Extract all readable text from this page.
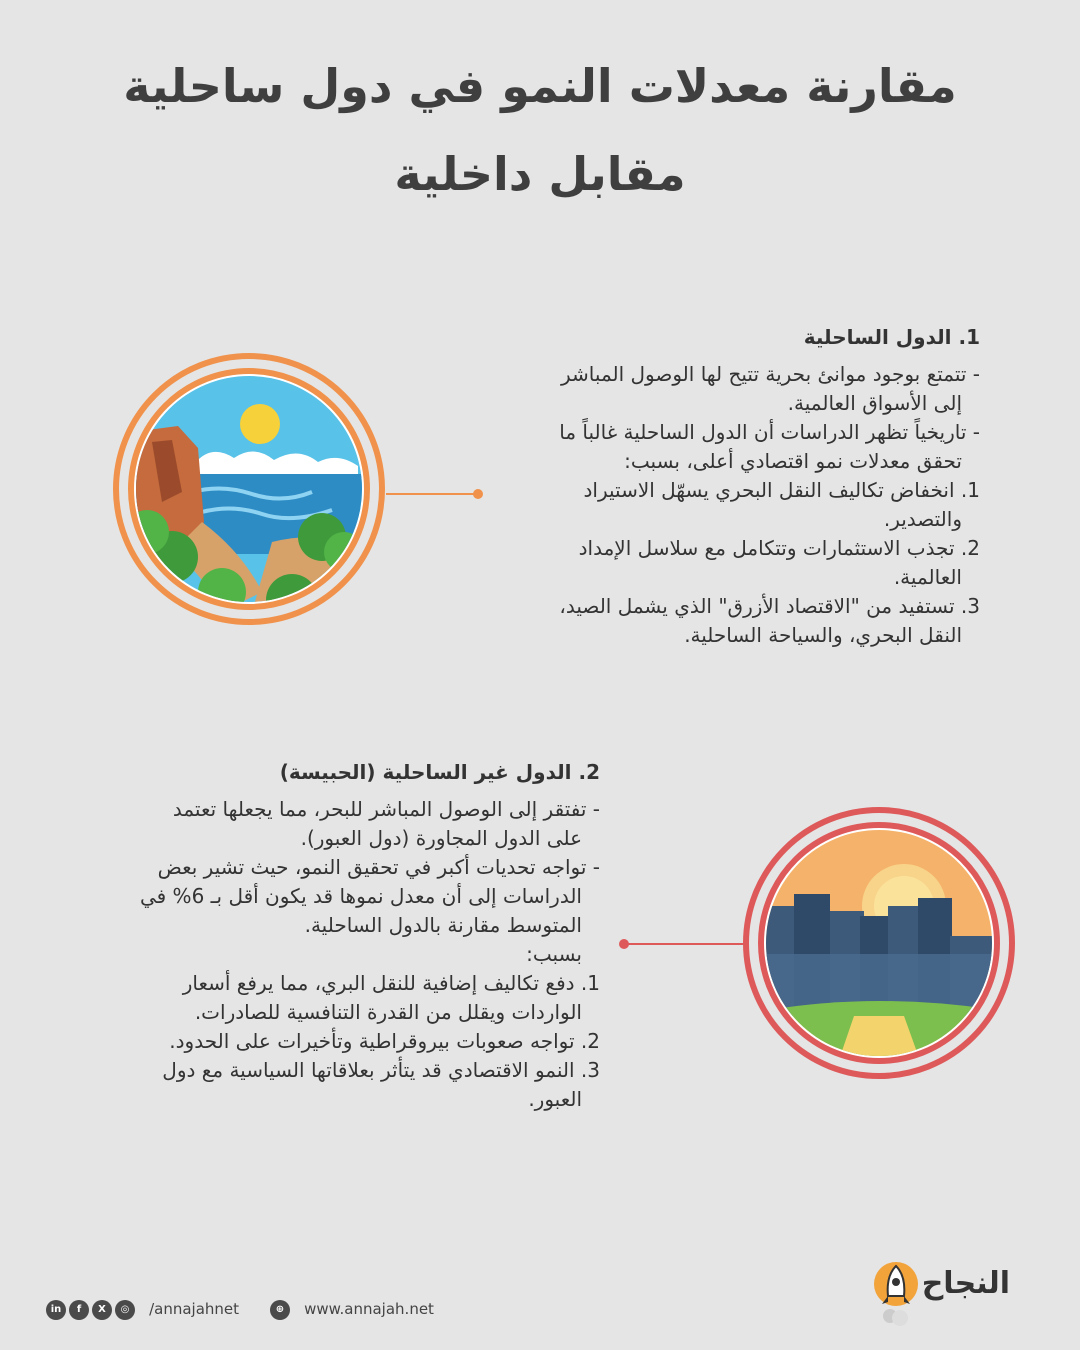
مقارنة معدلات النمو في دول ساحلية
مقابل داخلية
1. الدول الساحلية
- تتمتع بوجود موانئ بحرية تتيح لها الوصول المباشر
إلى الأسواق العالمية.
- تاريخياً تظهر الدراسات أن الدول الساحلية غالباً ما
تحقق معدلات نمو اقتصادي أعلى، بسبب:
1. انخفاض تكاليف النقل البحري يسهّل الاستيراد
والتصدير.
2. تجذب الاستثمارات وتتكامل مع سلاسل الإمداد
العالمية.
3. تستفيد من "الاقتصاد الأزرق" الذي يشمل الصيد،
النقل البحري، والسياحة الساحلية.
2. الدول غير الساحلية (الحبيسة)
- تفتقر إلى الوصول المباشر للبحر، مما يجعلها تعتمد
على الدول المجاورة (دول العبور).
- تواجه تحديات أكبر في تحقيق النمو، حيث تشير بعض
الدراسات إلى أن معدل نموها قد يكون أقل بـ 6% في
المتوسط مقارنة بالدول الساحلية.
بسبب:
1. دفع تكاليف إضافية للنقل البري، مما يرفع أسعار
الواردات ويقلل من القدرة التنافسية للصادرات.
2. تواجه صعوبات بيروقراطية وتأخيرات على الحدود.
3. النمو الاقتصادي قد يتأثر بعلاقاتها السياسية مع دول
العبور.
in f X ◎ /annajahnet	⊕ www.annajah.net
النجاح
